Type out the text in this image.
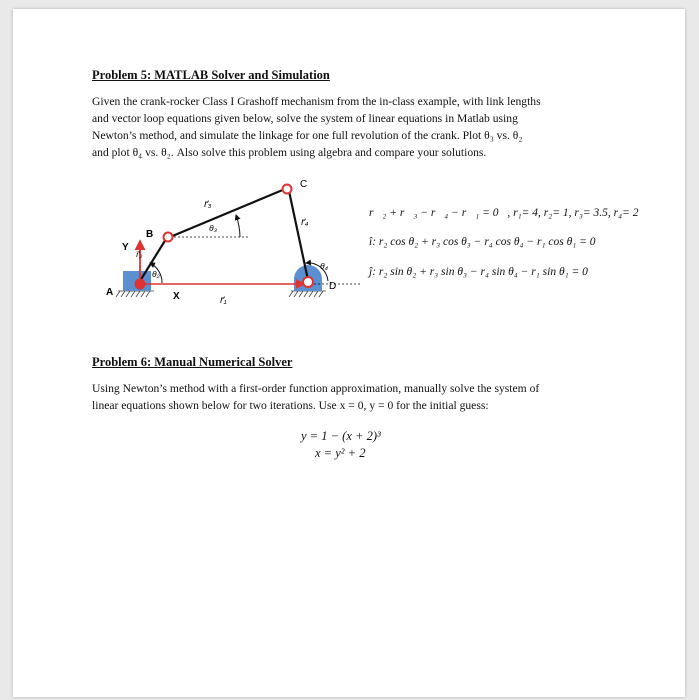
Problem 5: MATLAB Solver and Simulation
Given the crank-rocker Class I Grashoff mechanism from the in-class example, with link lengths
and vector loop equations given below, solve the system of linear equations in Matlab using
Newton’s method, and simulate the linkage for one full revolution of the crank. Plot θ₃ vs. θ₂
and plot θ₄ vs. θ₂. Also solve this problem using algebra and compare your solutions.
A
B
C
D
X
Y
r⃗₁
r⃗₂
r⃗₃
r⃗₄
θ₂
θ₃
θ₄
r⃗₂ + r⃗₃ − r⃗₄ − r⃗₁ = 0⃗, r₁= 4, r₂= 1, r₃= 3.5, r₄= 2
î: r₂ cos θ₂ + r₃ cos θ₃ − r₄ cos θ₄ − r₁ cos θ₁ = 0
ĵ: r₂ sin θ₂ + r₃ sin θ₃ − r₄ sin θ₄ − r₁ sin θ₁ = 0
Problem 6: Manual Numerical Solver
Using Newton’s method with a first-order function approximation, manually solve the system of
linear equations shown below for two iterations. Use x = 0, y = 0 for the initial guess:
y = 1 − (x + 2)³
x = y² + 2
